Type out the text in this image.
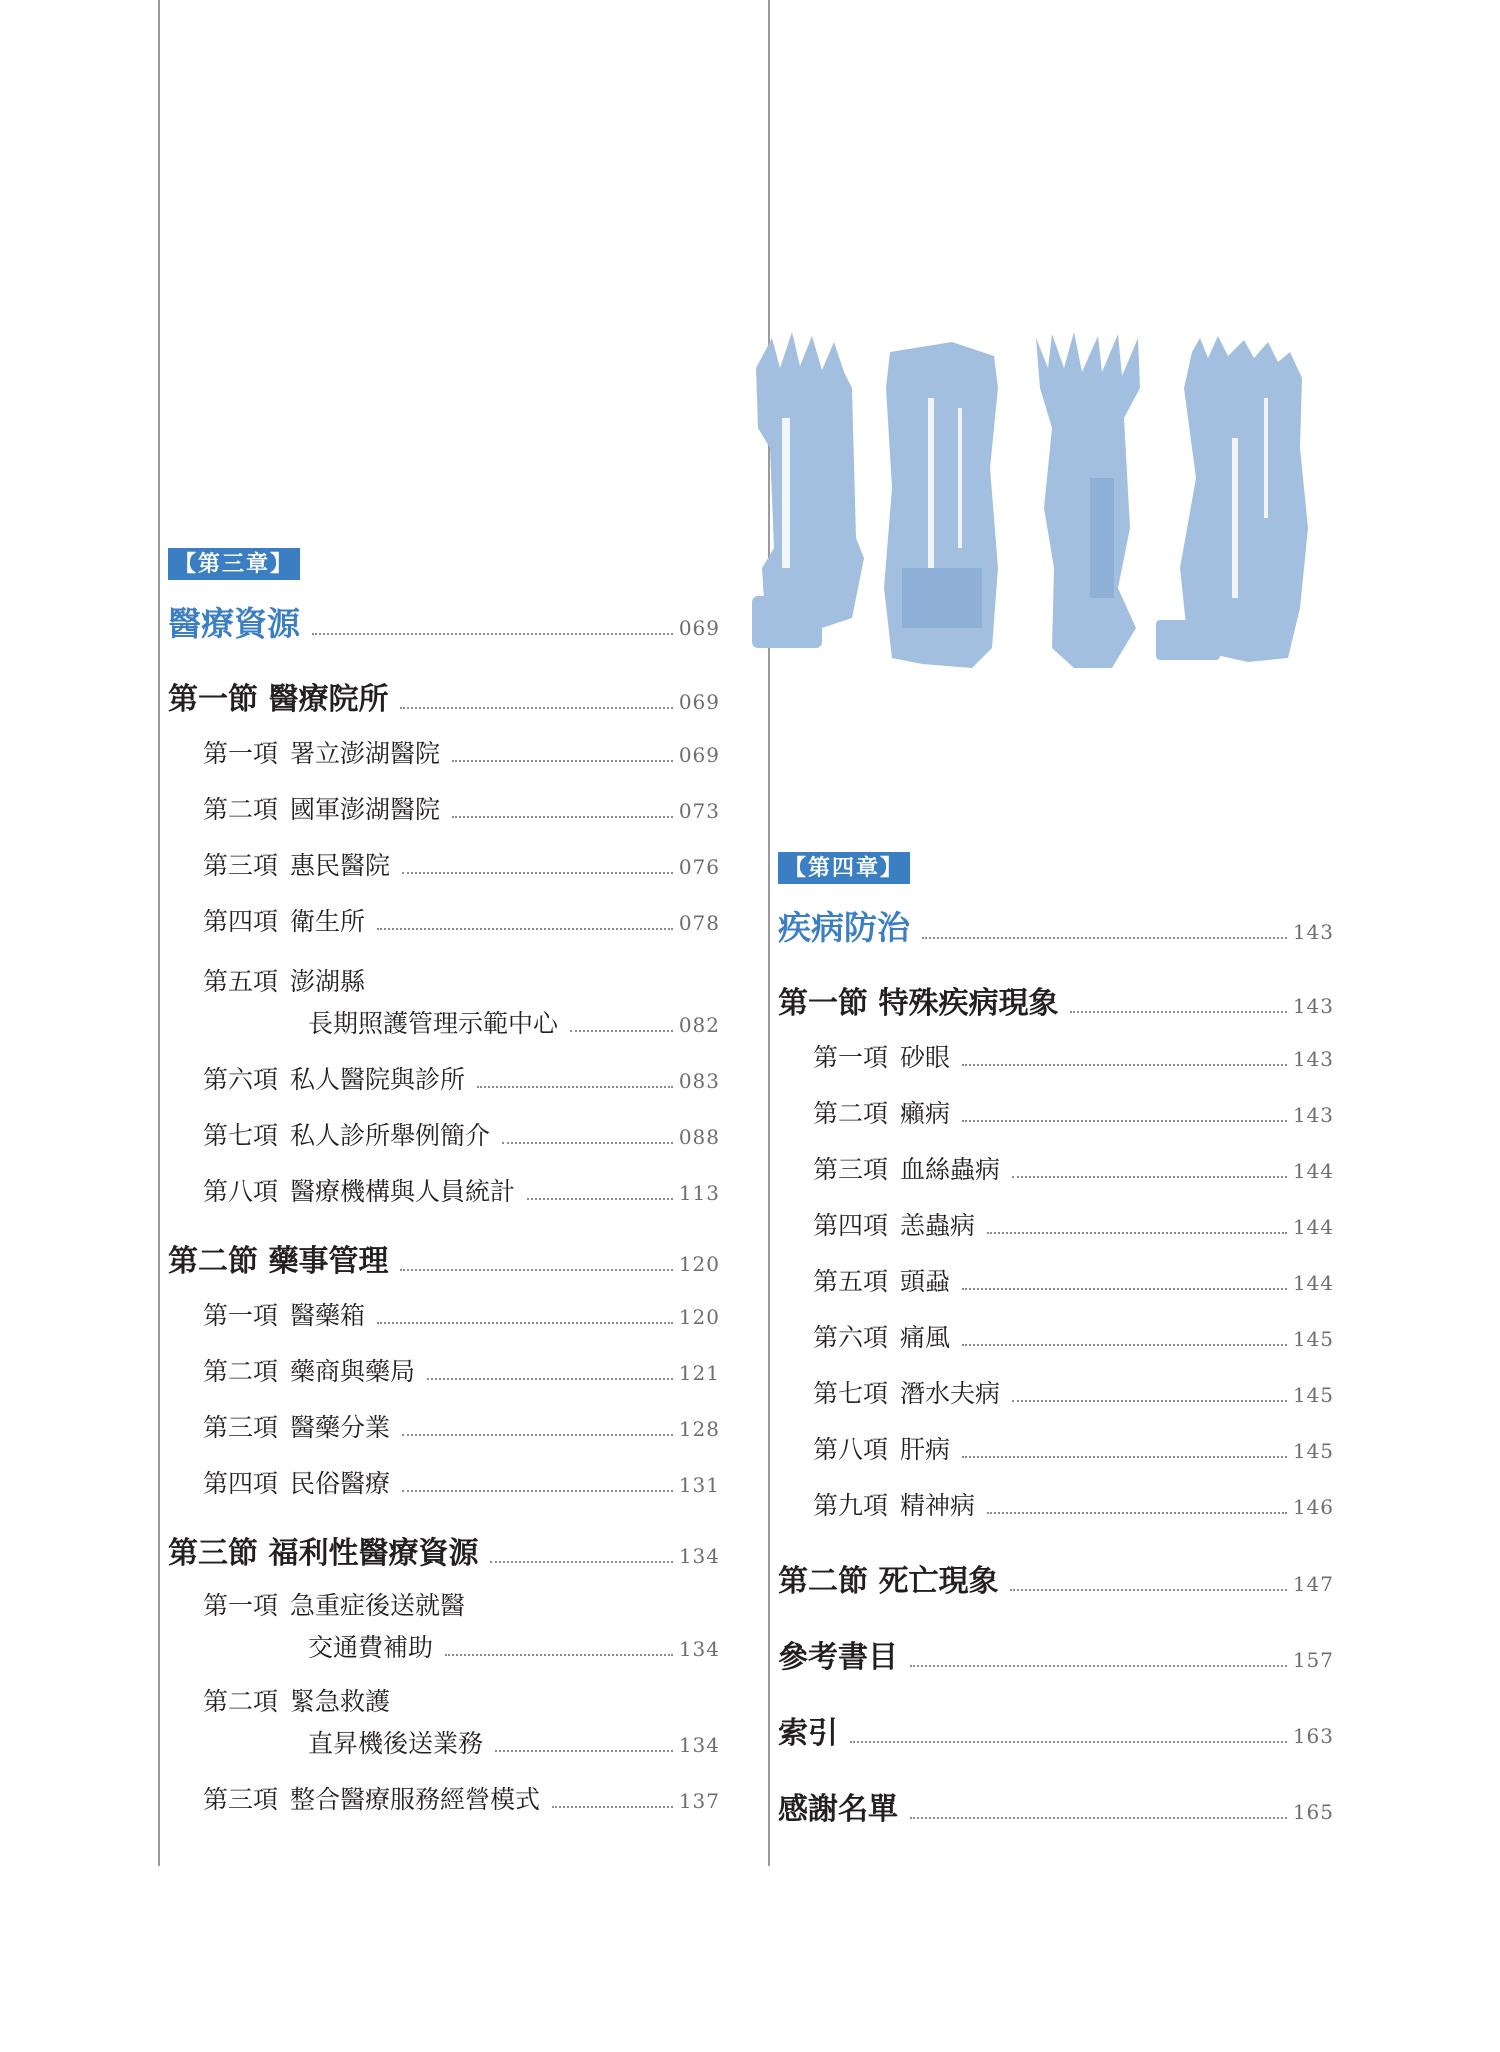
【第三章】
醫療資源	069
第一節 醫療院所	069
第一項 署立澎湖醫院	069
第二項 國軍澎湖醫院	073
第三項 惠民醫院	076
第四項 衛生所	078
第五項 澎湖縣
長期照護管理示範中心	082
第六項 私人醫院與診所	083
第七項 私人診所舉例簡介	088
第八項 醫療機構與人員統計	113
第二節 藥事管理	120
第一項 醫藥箱	120
第二項 藥商與藥局	121
第三項 醫藥分業	128
第四項 民俗醫療	131
第三節 福利性醫療資源	134
第一項 急重症後送就醫
交通費補助	134
第二項 緊急救護
直昇機後送業務	134
第三項 整合醫療服務經營模式	137
【第四章】
疾病防治	143
第一節 特殊疾病現象	143
第一項 砂眼	143
第二項 癩病	143
第三項 血絲蟲病	144
第四項 恙蟲病	144
第五項 頭蝨	144
第六項 痛風	145
第七項 潛水夫病	145
第八項 肝病	145
第九項 精神病	146
第二節 死亡現象	147
參考書目	157
索引	163
感謝名單	165
